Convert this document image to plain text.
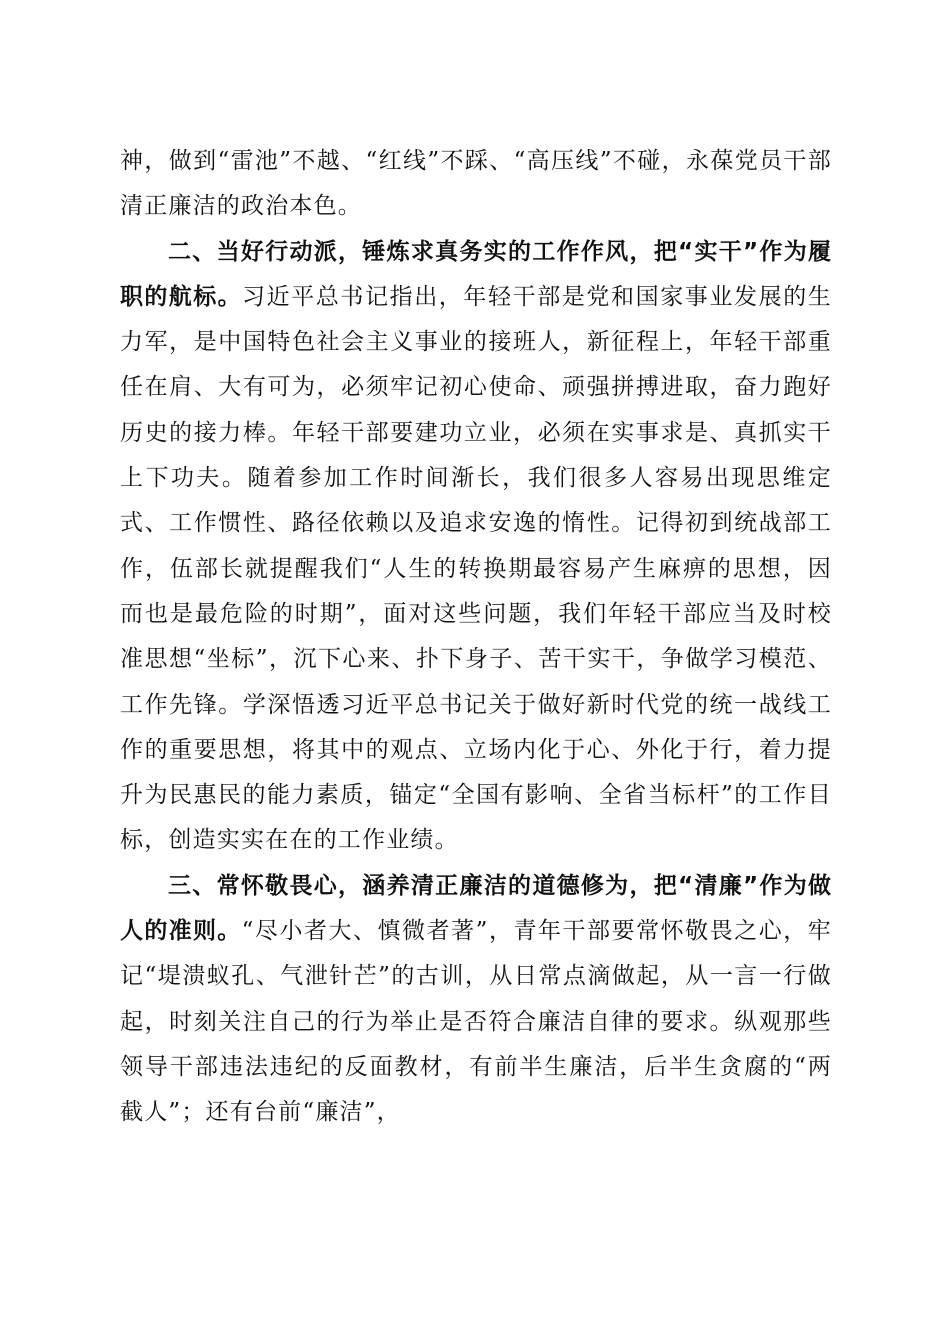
神，做到“雷池”不越、“红线”不踩、“高压线”不碰，永葆党员干部清正廉洁的政治本色。

二、当好行动派，锤炼求真务实的工作作风，把“实干”作为履职的航标。习近平总书记指出，年轻干部是党和国家事业发展的生力军，是中国特色社会主义事业的接班人，新征程上，年轻干部重任在肩、大有可为，必须牢记初心使命、顽强拼搏进取，奋力跑好历史的接力棒。年轻干部要建功立业，必须在实事求是、真抓实干上下功夫。随着参加工作时间渐长，我们很多人容易出现思维定式、工作惯性、路径依赖以及追求安逸的惰性。记得初到统战部工作，伍部长就提醒我们“人生的转换期最容易产生麻痹的思想，因而也是最危险的时期”，面对这些问题，我们年轻干部应当及时校准思想“坐标”，沉下心来、扑下身子、苦干实干，争做学习模范、工作先锋。学深悟透习近平总书记关于做好新时代党的统一战线工作的重要思想，将其中的观点、立场内化于心、外化于行，着力提升为民惠民的能力素质，锚定“全国有影响、全省当标杆”的工作目标，创造实实在在的工作业绩。

三、常怀敬畏心，涵养清正廉洁的道德修为，把“清廉”作为做人的准则。“尽小者大、慎微者著”，青年干部要常怀敬畏之心，牢记“堤溃蚁孔、气泄针芒”的古训，从日常点滴做起，从一言一行做起，时刻关注自己的行为举止是否符合廉洁自律的要求。纵观那些领导干部违法违纪的反面教材，有前半生廉洁，后半生贪腐的“两截人”；还有台前“廉洁”，
